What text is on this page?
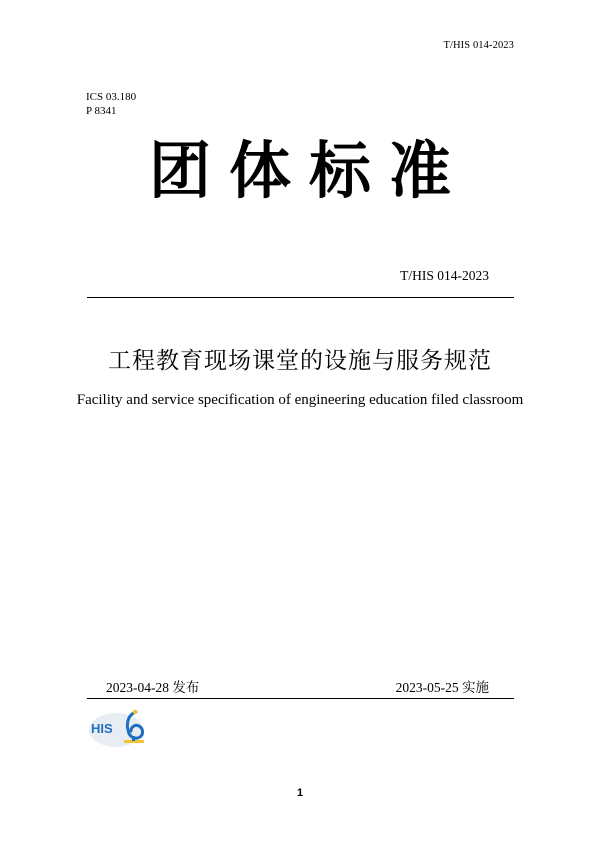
T/HIS 014-2023
ICS 03.180
P 8341
团体标准
T/HIS 014-2023
工程教育现场课堂的设施与服务规范
Facility and service specification of engineering education filed classroom
2023-04-28 发布	2023-05-25 实施
HIS
1
